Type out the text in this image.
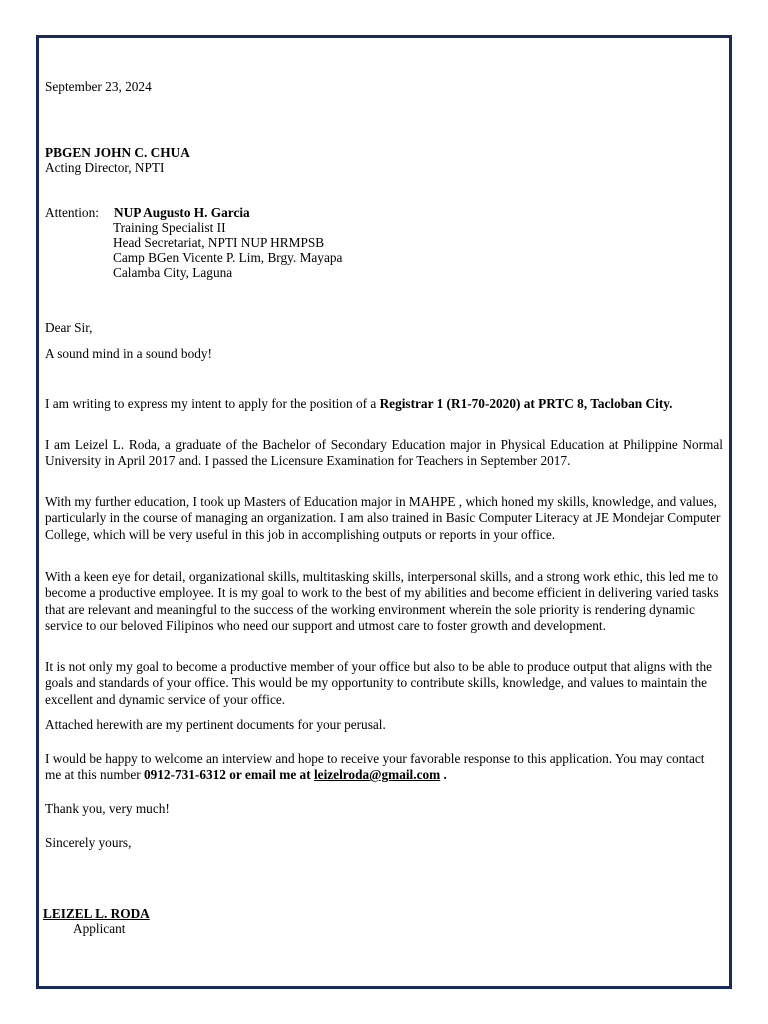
September 23, 2024
PBGEN JOHN C. CHUA
Acting Director, NPTI
Attention: NUP Augusto H. Garcia
Training Specialist II
Head Secretariat, NPTI NUP HRMPSB
Camp BGen Vicente P. Lim, Brgy. Mayapa
Calamba City, Laguna
Dear Sir,
A sound mind in a sound body!
I am writing to express my intent to apply for the position of a Registrar 1 (R1-70-2020) at PRTC 8, Tacloban City.
I am Leizel L. Roda, a graduate of the Bachelor of Secondary Education major in Physical Education at Philippine Normal University in April 2017 and. I passed the Licensure Examination for Teachers in September 2017.
With my further education, I took up Masters of Education major in MAHPE , which honed my skills, knowledge, and values, particularly in the course of managing an organization. I am also trained in Basic Computer Literacy at JE Mondejar Computer College, which will be very useful in this job in accomplishing outputs or reports in your office.
With a keen eye for detail, organizational skills, multitasking skills, interpersonal skills, and a strong work ethic, this led me to become a productive employee. It is my goal to work to the best of my abilities and become efficient in delivering varied tasks that are relevant and meaningful to the success of the working environment wherein the sole priority is rendering dynamic service to our beloved Filipinos who need our support and utmost care to foster growth and development.
It is not only my goal to become a productive member of your office but also to be able to produce output that aligns with the goals and standards of your office. This would be my opportunity to contribute skills, knowledge, and values to maintain the excellent and dynamic service of your office.
Attached herewith are my pertinent documents for your perusal.
I would be happy to welcome an interview and hope to receive your favorable response to this application. You may contact me at this number 0912-731-6312 or email me at leizelroda@gmail.com .
Thank you, very much!
Sincerely yours,
LEIZEL L. RODA
Applicant
